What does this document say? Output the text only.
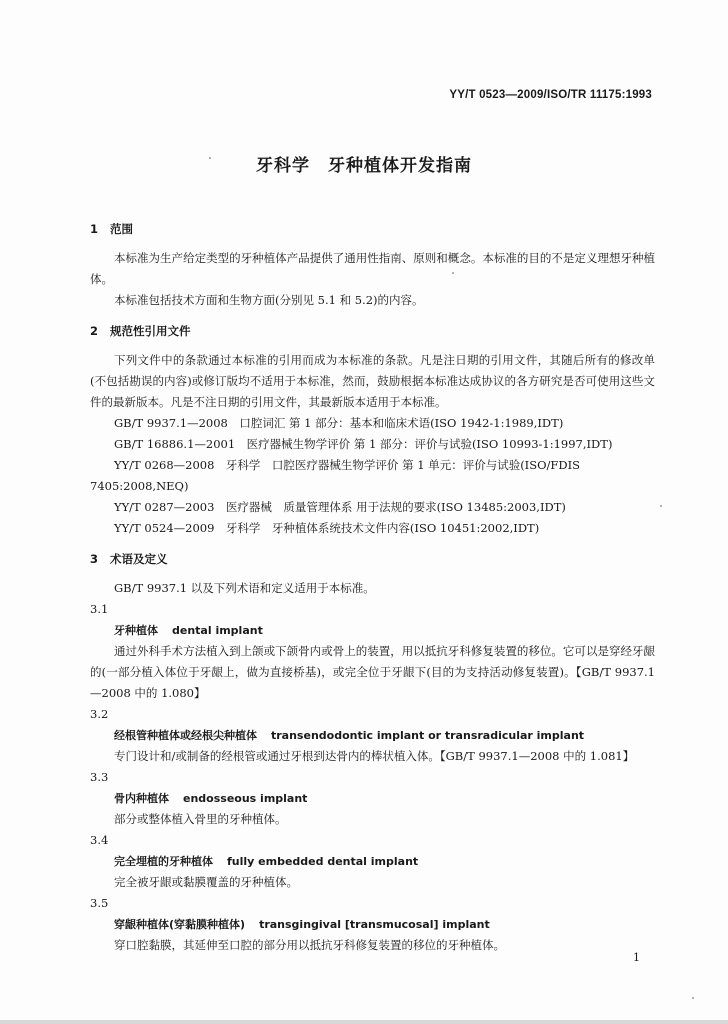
YY/T 0523—2009/ISO/TR 11175:1993
牙科学　牙种植体开发指南
1 范围

本标准为生产给定类型的牙种植体产品提供了通用性指南、原则和概念。本标准的目的不是定义理想牙种植体。

本标准包括技术方面和生物方面(分别见 5.1 和 5.2)的内容。

2 规范性引用文件

下列文件中的条款通过本标准的引用而成为本标准的条款。凡是注日期的引用文件，其随后所有的修改单(不包括勘误的内容)或修订版均不适用于本标准，然而，鼓励根据本标准达成协议的各方研究是否可使用这些文件的最新版本。凡是不注日期的引用文件，其最新版本适用于本标准。

GB/T 9937.1—2008　口腔词汇 第 1 部分：基本和临床术语(ISO 1942-1:1989,IDT)

GB/T 16886.1—2001　医疗器械生物学评价 第 1 部分：评价与试验(ISO 10993-1:1997,IDT)

YY/T 0268—2008　牙科学　口腔医疗器械生物学评价 第 1 单元：评价与试验(ISO/FDIS 7405:2008,NEQ)

YY/T 0287—2003　医疗器械　质量管理体系 用于法规的要求(ISO 13485:2003,IDT)

YY/T 0524—2009　牙科学　牙种植体系统技术文件内容(ISO 10451:2002,IDT)

3 术语及定义

GB/T 9937.1 以及下列术语和定义适用于本标准。

3.1

牙种植体 dental implant

通过外科手术方法植入到上颌或下颌骨内或骨上的装置，用以抵抗牙科修复装置的移位。它可以是穿经牙龈的(一部分植入体位于牙龈上，做为直接桥基)，或完全位于牙龈下(目的为支持活动修复装置)。【GB/T 9937.1—2008 中的 1.080】

3.2

经根管种植体或经根尖种植体 transendodontic implant or transradicular implant

专门设计和/或制备的经根管或通过牙根到达骨内的棒状植入体。【GB/T 9937.1—2008 中的 1.081】

3.3

骨内种植体 endosseous implant

部分或整体植入骨里的牙种植体。

3.4

完全埋植的牙种植体 fully embedded dental implant

完全被牙龈或黏膜覆盖的牙种植体。

3.5

穿龈种植体(穿黏膜种植体) transgingival [transmucosal] implant

穿口腔黏膜，其延伸至口腔的部分用以抵抗牙科修复装置的移位的牙种植体。

1
